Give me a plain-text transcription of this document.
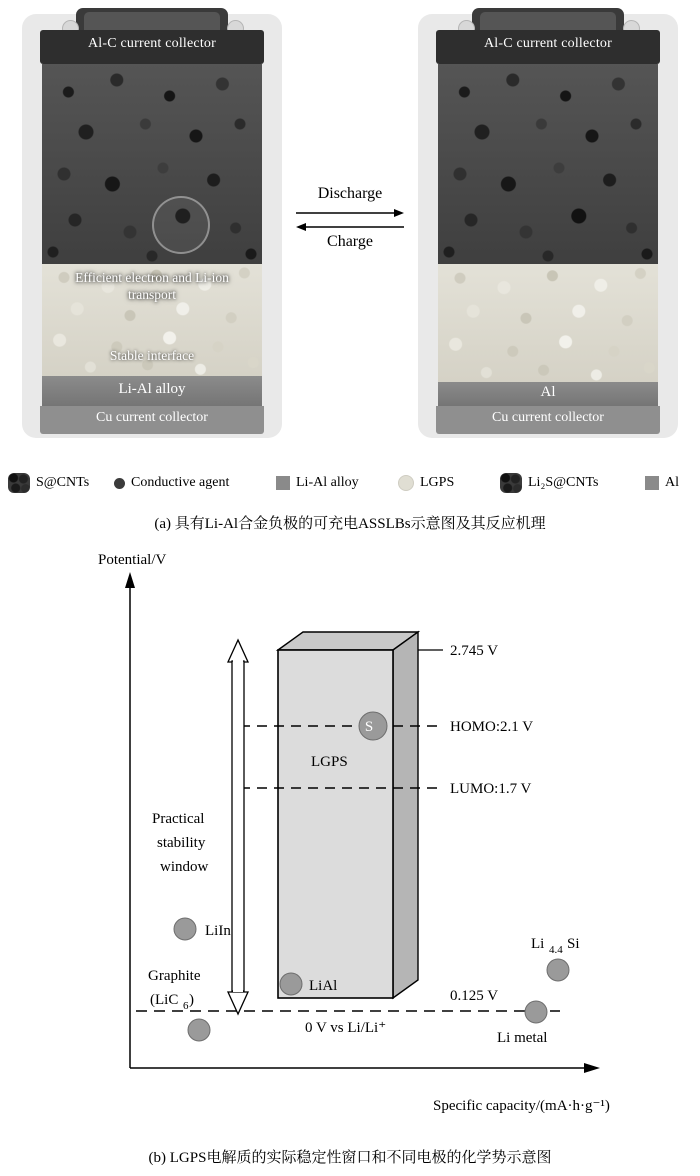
Al-C current collector
Efficient electron and Li-ion transport
Stable interface
Li-Al alloy
Cu current collector
Al-C current collector
Al
Cu current collector
Discharge
Charge
S@CNTs	Conductive agent	Li-Al alloy	LGPS	Li₂S@CNTs	Al
(a) 具有Li-Al合金负极的可充电ASSLBs示意图及其反应机理
Potential/V
Specific capacity/(mA·h·g⁻¹)
LGPS
2.745 V
HOMO:2.1 V
LUMO:1.7 V
0 V vs Li/Li⁺
0.125 V
Practical
stability
window
S
LiIn
Graphite
(LiC 6 )
LiAl
Li 4.4 Si
Li metal
(b) LGPS电解质的实际稳定性窗口和不同电极的化学势示意图
